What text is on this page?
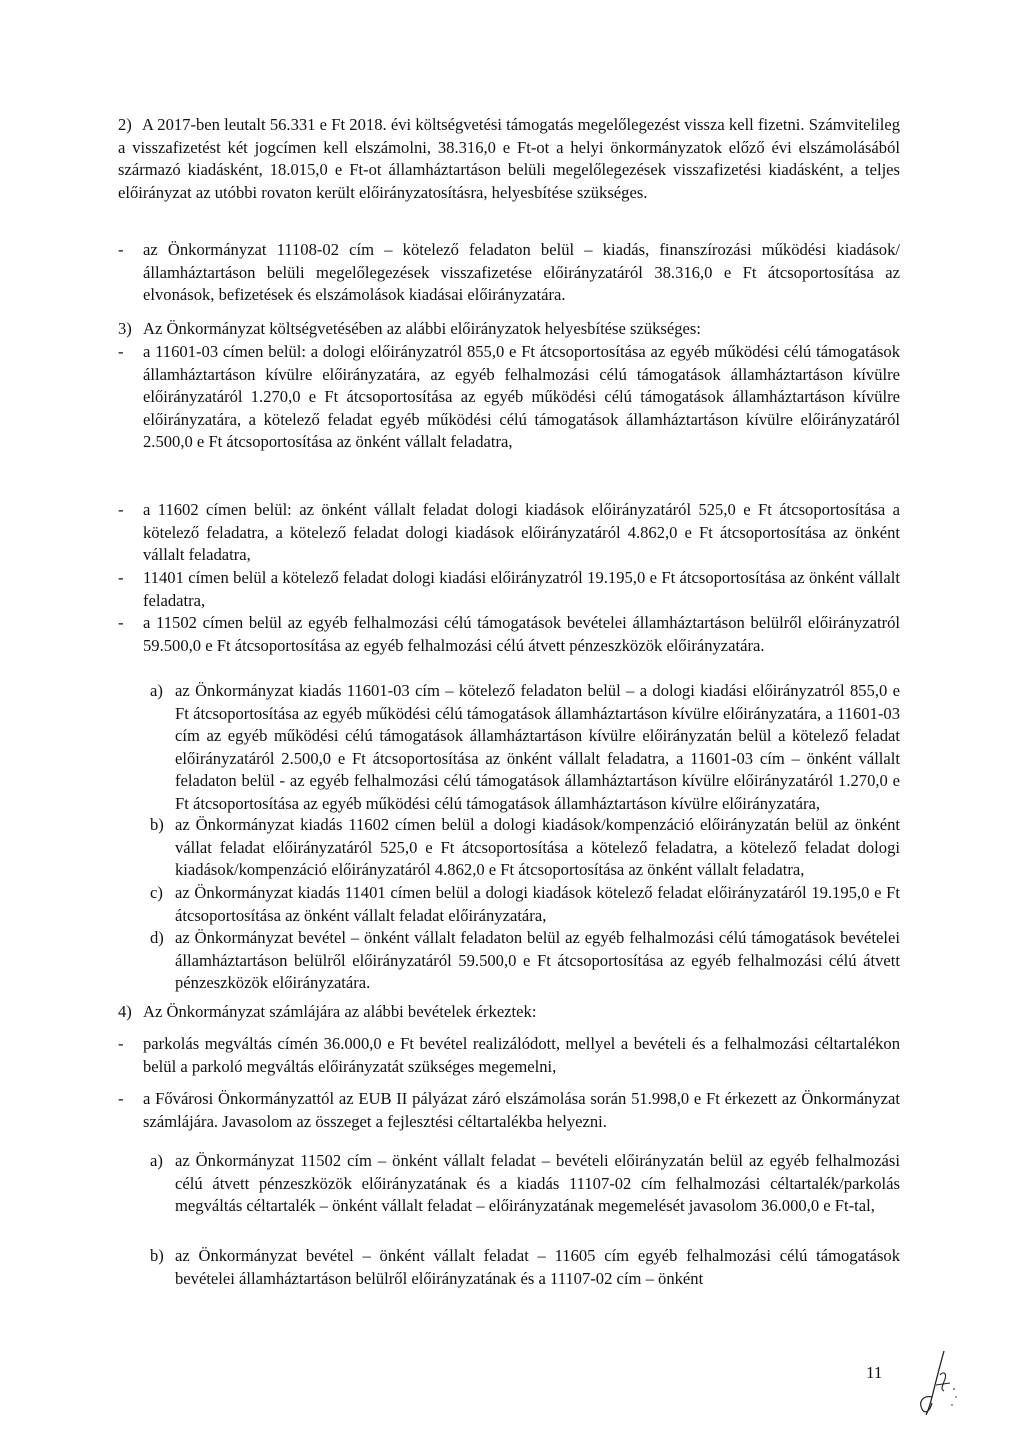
2) A 2017-ben leutalt 56.331 e Ft 2018. évi költségvetési támogatás megelőlegezést vissza kell fizetni. Számvitelileg a visszafizetést két jogcímen kell elszámolni, 38.316,0 e Ft-ot a helyi önkormányzatok előző évi elszámolásából származó kiadásként, 18.015,0 e Ft-ot államháztartáson belüli megelőlegezések visszafizetési kiadásként, a teljes előirányzat az utóbbi rovaton került előirányzatosításra, helyesbítése szükséges.
- az Önkormányzat 11108-02 cím – kötelező feladaton belül – kiadás, finanszírozási működési kiadások/államháztartáson belüli megelőlegezések visszafizetése előirányzatáról 38.316,0 e Ft átcsoportosítása az elvonások, befizetések és elszámolások kiadásai előirányzatára.
3) Az Önkormányzat költségvetésében az alábbi előirányzatok helyesbítése szükséges:
- a 11601-03 címen belül: a dologi előirányzatról 855,0 e Ft átcsoportosítása az egyéb működési célú támogatások államháztartáson kívülre előirányzatára, az egyéb felhalmozási célú támogatások államháztartáson kívülre előirányzatáról 1.270,0 e Ft átcsoportosítása az egyéb működési célú támogatások államháztartáson kívülre előirányzatára, a kötelező feladat egyéb működési célú támogatások államháztartáson kívülre előirányzatáról 2.500,0 e Ft átcsoportosítása az önként vállalt feladatra,
- a 11602 címen belül: az önként vállalt feladat dologi kiadások előirányzatáról 525,0 e Ft átcsoportosítása a kötelező feladatra, a kötelező feladat dologi kiadások előirányzatáról 4.862,0 e Ft átcsoportosítása az önként vállalt feladatra,
- 11401 címen belül a kötelező feladat dologi kiadási előirányzatról 19.195,0 e Ft átcsoportosítása az önként vállalt feladatra,
- a 11502 címen belül az egyéb felhalmozási célú támogatások bevételei államháztartáson belülről előirányzatról 59.500,0 e Ft átcsoportosítása az egyéb felhalmozási célú átvett pénzeszközök előirányzatára.
a) az Önkormányzat kiadás 11601-03 cím – kötelező feladaton belül – a dologi kiadási előirányzatról 855,0 e Ft átcsoportosítása az egyéb működési célú támogatások államháztartáson kívülre előirányzatára, a 11601-03 cím az egyéb működési célú támogatások államháztartáson kívülre előirányzatán belül a kötelező feladat előirányzatáról 2.500,0 e Ft átcsoportosítása az önként vállalt feladatra, a 11601-03 cím – önként vállalt feladaton belül - az egyéb felhalmozási célú támogatások államháztartáson kívülre előirányzatáról 1.270,0 e Ft átcsoportosítása az egyéb működési célú támogatások államháztartáson kívülre előirányzatára,
b) az Önkormányzat kiadás 11602 címen belül a dologi kiadások/kompenzáció előirányzatán belül az önként vállat feladat előirányzatáról 525,0 e Ft átcsoportosítása a kötelező feladatra, a kötelező feladat dologi kiadások/kompenzáció előirányzatáról 4.862,0 e Ft átcsoportosítása az önként vállalt feladatra,
c) az Önkormányzat kiadás 11401 címen belül a dologi kiadások kötelező feladat előirányzatáról 19.195,0 e Ft átcsoportosítása az önként vállalt feladat előirányzatára,
d) az Önkormányzat bevétel – önként vállalt feladaton belül az egyéb felhalmozási célú támogatások bevételei államháztartáson belülről előirányzatáról 59.500,0 e Ft átcsoportosítása az egyéb felhalmozási célú átvett pénzeszközök előirányzatára.
4) Az Önkormányzat számlájára az alábbi bevételek érkeztek:
- parkolás megváltás címén 36.000,0 e Ft bevétel realizálódott, mellyel a bevételi és a felhalmozási céltartalékon belül a parkoló megváltás előirányzatát szükséges megemelni,
- a Fővárosi Önkormányzattól az EUB II pályázat záró elszámolása során 51.998,0 e Ft érkezett az Önkormányzat számlájára. Javasolom az összeget a fejlesztési céltartalékba helyezni.
a) az Önkormányzat 11502 cím – önként vállalt feladat – bevételi előirányzatán belül az egyéb felhalmozási célú átvett pénzeszközök előirányzatának és a kiadás 11107-02 cím felhalmozási céltartalék/parkolás megváltás céltartalék – önként vállalt feladat – előirányzatának megemelését javasolom 36.000,0 e Ft-tal,
b) az Önkormányzat bevétel – önként vállalt feladat – 11605 cím egyéb felhalmozási célú támogatások bevételei államháztartáson belülről előirányzatának és a 11107-02 cím – önként
11
